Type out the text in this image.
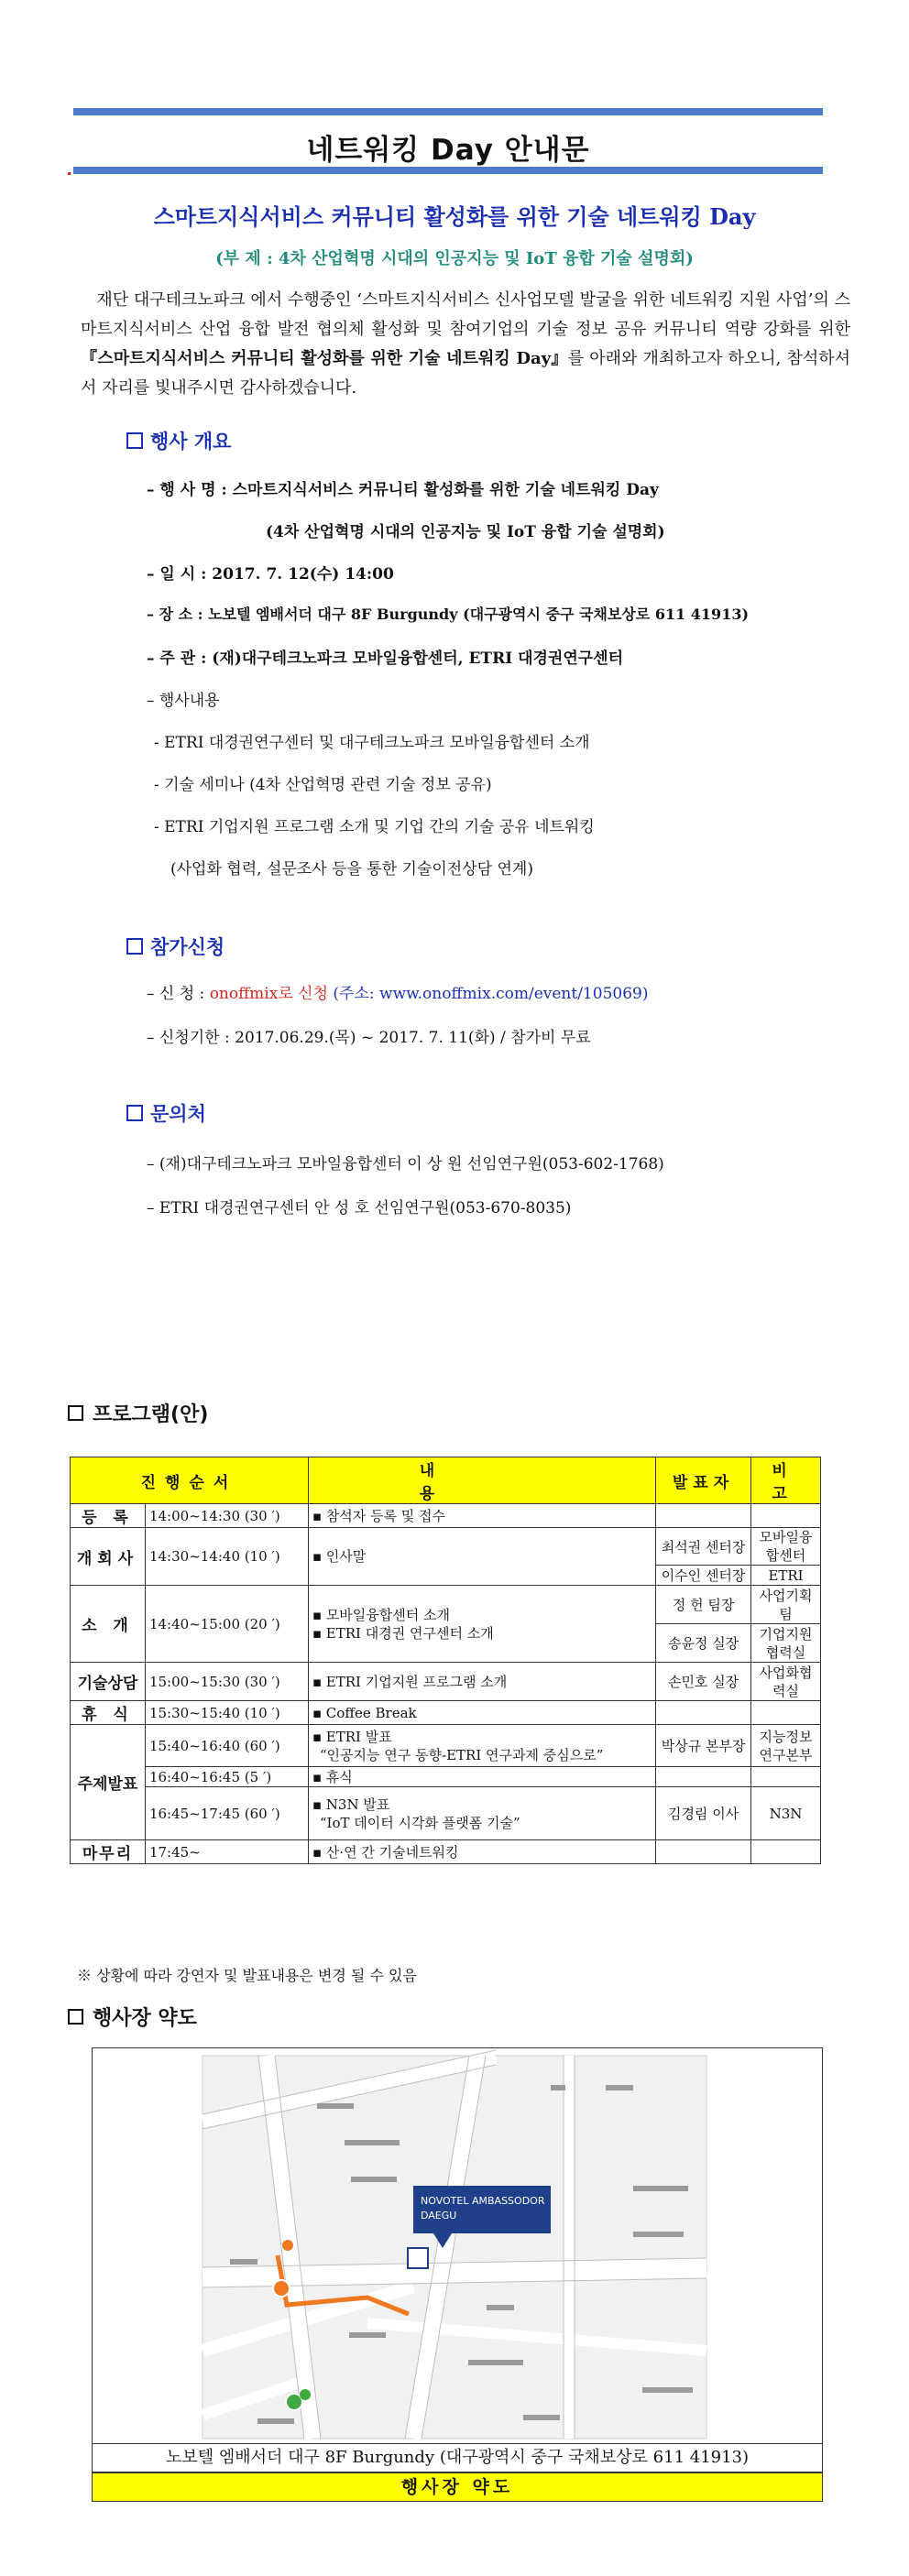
네트워킹 Day 안내문
스마트지식서비스 커뮤니티 활성화를 위한 기술 네트워킹 Day
(부 제 : 4차 산업혁명 시대의 인공지능 및 IoT 융합 기술 설명회)
재단 대구테크노파크 에서 수행중인 ‘스마트지식서비스 신사업모델 발굴을 위한 네트워킹 지원 사업’의 스마트지식서비스 산업 융합 발전 협의체 활성화 및 참여기업의 기술 정보 공유 커뮤니티 역량 강화를 위한 『스마트지식서비스 커뮤니티 활성화를 위한 기술 네트워킹 Day』를 아래와 개최하고자 하오니, 참석하셔서 자리를 빛내주시면 감사하겠습니다.
행사 개요
– 행 사 명 : 스마트지식서비스 커뮤니티 활성화를 위한 기술 네트워킹 Day
(4차 산업혁명 시대의 인공지능 및 IoT 융합 기술 설명회)
– 일 시 : 2017. 7. 12(수) 14:00
– 장 소 : 노보텔 엠배서더 대구 8F Burgundy (대구광역시 중구 국채보상로 611 41913)
– 주 관 : (재)대구테크노파크 모바일융합센터, ETRI 대경권연구센터
– 행사내용
- ETRI 대경권연구센터 및 대구테크노파크 모바일융합센터 소개
- 기술 세미나 (4차 산업혁명 관련 기술 정보 공유)
- ETRI 기업지원 프로그램 소개 및 기업 간의 기술 공유 네트워킹
(사업화 협력, 설문조사 등을 통한 기술이전상담 연계)
참가신청
– 신 청 : onoffmix로 신청 (주소: www.onoffmix.com/event/105069)
– 신청기한 : 2017.06.29.(목) ~ 2017. 7. 11(화) / 참가비 무료
문의처
– (재)대구테크노파크 모바일융합센터 이 상 원 선임연구원(053-602-1768)
– ETRI 대경권연구센터 안 성 호 선임연구원(053-670-8035)
프로그램(안)
진행순서		내 용	발표자	비 고
등 록	14:00~14:30 (30 ′)	▪ 참석자 등록 및 접수		
개회사	14:30~14:40 (10 ′)	▪ 인사말	최석권 센터장	모바일융합센터
			이수인 센터장	ETRI
소 개	14:40~15:00 (20 ′)	▪ 모바일융합센터 소개
▪ ETRI 대경권 연구센터 소개	정 헌 팀장	사업기획팀
			송윤정 실장	기업지원협력실
기술상담	15:00~15:30 (30 ′)	▪ ETRI 기업지원 프로그램 소개	손민호 실장	사업화협력실
휴 식	15:30~15:40 (10 ′)	▪ Coffee Break		
주제발표	15:40~16:40 (60 ′)	▪ ETRI 발표
“인공지능 연구 동향-ETRI 연구과제 중심으로”	박상규 본부장	지능정보연구본부
	16:40~16:45 (5 ′)	▪ 휴식		
	16:45~17:45 (60 ′)	▪ N3N 발표
“IoT 데이터 시각화 플랫폼 기술”	김경림 이사	N3N
마무리	17:45~	▪ 산·연 간 기술네트워킹		
※ 상황에 따라 강연자 및 발표내용은 변경 될 수 있음
행사장 약도
NOVOTEL AMBASSODOR
DAEGU
노보텔 엠배서더 대구 8F Burgundy (대구광역시 중구 국채보상로 611 41913)
행사장 약도
